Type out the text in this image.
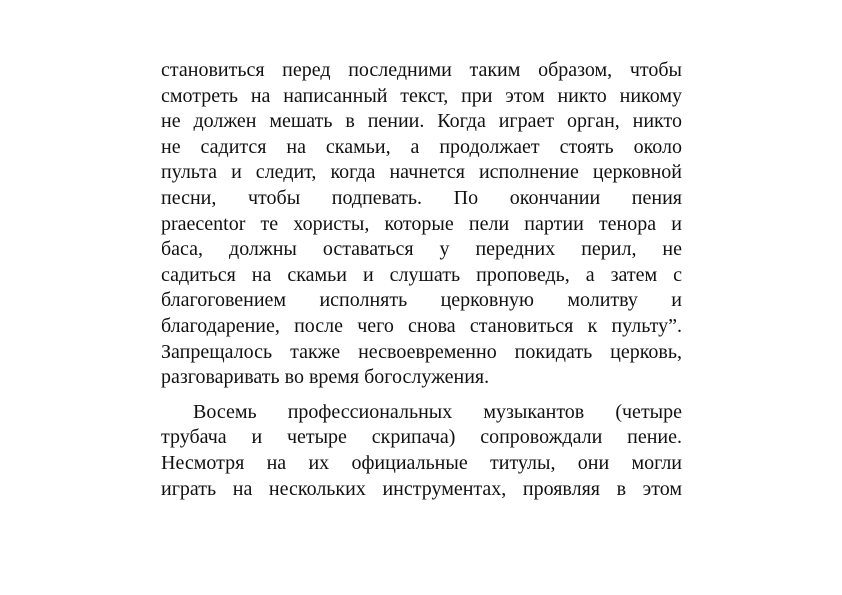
становиться перед последними таким образом, чтобы
смотреть на написанный текст, при этом никто никому
не должен мешать в пении. Когда играет орган, никто
не садится на скамьи, а продолжает стоять около
пульта и следит, когда начнется исполнение церковной
песни, чтобы подпевать. По окончании пения
praecentor те хористы, которые пели партии тенора и
баса, должны оставаться у передних перил, не
садиться на скамьи и слушать проповедь, а затем с
благоговением исполнять церковную молитву и
благодарение, после чего снова становиться к пульту”.
Запрещалось также несвоевременно покидать церковь,
разговаривать во время богослужения.
Восемь профессиональных музыкантов (четыре
трубача и четыре скрипача) сопровождали пение.
Несмотря на их официальные титулы, они могли
играть на нескольких инструментах, проявляя в этом
